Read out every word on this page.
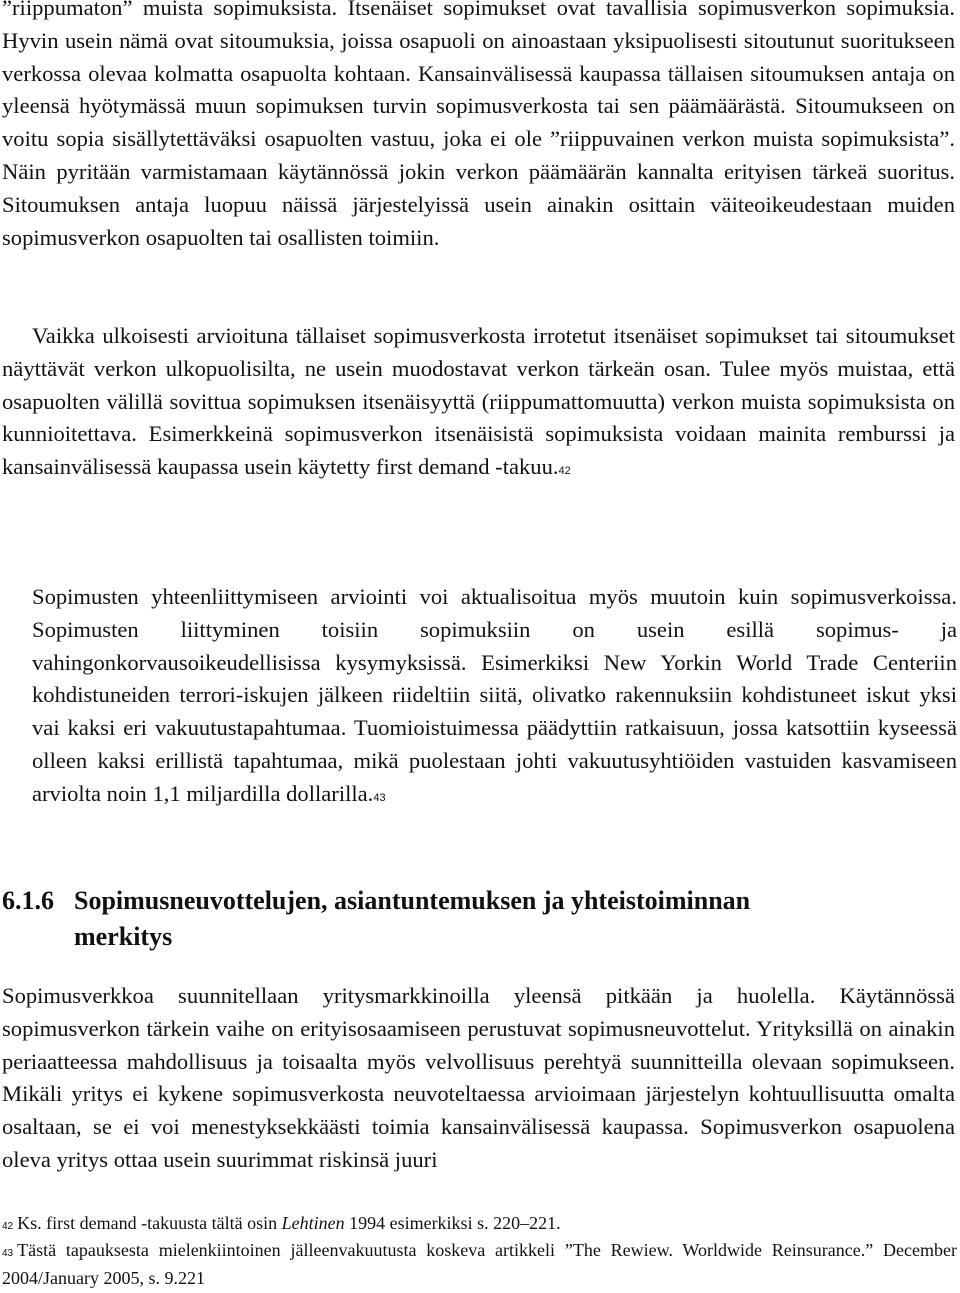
”riippumaton” muista sopimuksista. Itsenäiset sopimukset ovat tavallisia sopimusverkon sopimuksia. Hyvin usein nämä ovat sitoumuksia, joissa osapuoli on ainoastaan yksipuolisesti sitoutunut suoritukseen verkossa olevaa kolmatta osapuolta kohtaan. Kansainvälisessä kaupassa tällaisen sitoumuksen antaja on yleensä hyötymässä muun sopimuksen turvin sopimusverkosta tai sen päämäärästä. Sitoumukseen on voitu sopia sisällytettäväksi osapuolten vastuu, joka ei ole ”riippuvainen verkon muista sopimuksista”. Näin pyritään varmistamaan käytännössä jokin verkon päämäärän kannalta erityisen tärkeä suoritus. Sitoumuksen antaja luopuu näissä järjestelyissä usein ainakin osittain väiteoikeudestaan muiden sopimusverkon osapuolten tai osallisten toimiin.

Vaikka ulkoisesti arvioituna tällaiset sopimusverkosta irrotetut itsenäiset sopimukset tai sitoumukset näyttävät verkon ulkopuolisilta, ne usein muodostavat verkon tärkeän osan. Tulee myös muistaa, että osapuolten välillä sovittua sopimuksen itsenäisyyttä (riippumattomuutta) verkon muista sopimuksista on kunnioitettava. Esimerkkeinä sopimusverkon itsenäisistä sopimuksista voidaan mainita remburssi ja kansainvälisessä kaupassa usein käytetty first demand -takuu.42

Sopimusten yhteenliittymiseen arviointi voi aktualisoitua myös muutoin kuin sopimusverkoissa. Sopimusten liittyminen toisiin sopimuksiin on usein esillä sopimus- ja vahingonkorvausoikeudellisissa kysymyksissä. Esimerkiksi New Yorkin World Trade Centeriin kohdistuneiden terrori-iskujen jälkeen riideltiin siitä, olivatko rakennuksiin kohdistuneet iskut yksi vai kaksi eri vakuutustapahtumaa. Tuomioistuimessa päädyttiin ratkaisuun, jossa katsottiin kyseessä olleen kaksi erillistä tapahtumaa, mikä puolestaan johti vakuutusyhtiöiden vastuiden kasvamiseen arviolta noin 1,1 miljardilla dollarilla.43

6.1.6 Sopimusneuvottelujen, asiantuntemuksen ja yhteistoiminnan
merkitys

Sopimusverkkoa suunnitellaan yritysmarkkinoilla yleensä pitkään ja huolella. Käytännössä sopimusverkon tärkein vaihe on erityisosaamiseen perustuvat sopimusneuvottelut. Yrityksillä on ainakin periaatteessa mahdollisuus ja toisaalta myös velvollisuus perehtyä suunnitteilla olevaan sopimukseen. Mikäli yritys ei kykene sopimusverkosta neuvoteltaessa arvioimaan järjestelyn kohtuullisuutta omalta osaltaan, se ei voi menestyksekkäästi toimia kansainvälisessä kaupassa. Sopimusverkon osapuolena oleva yritys ottaa usein suurimmat riskinsä juuri

42 Ks. first demand -takuusta tältä osin Lehtinen 1994 esimerkiksi s. 220–221.

43 Tästä tapauksesta mielenkiintoinen jälleenvakuutusta koskeva artikkeli ”The Rewiew. Worldwide Reinsurance.” December 2004/January 2005, s. 9.221
